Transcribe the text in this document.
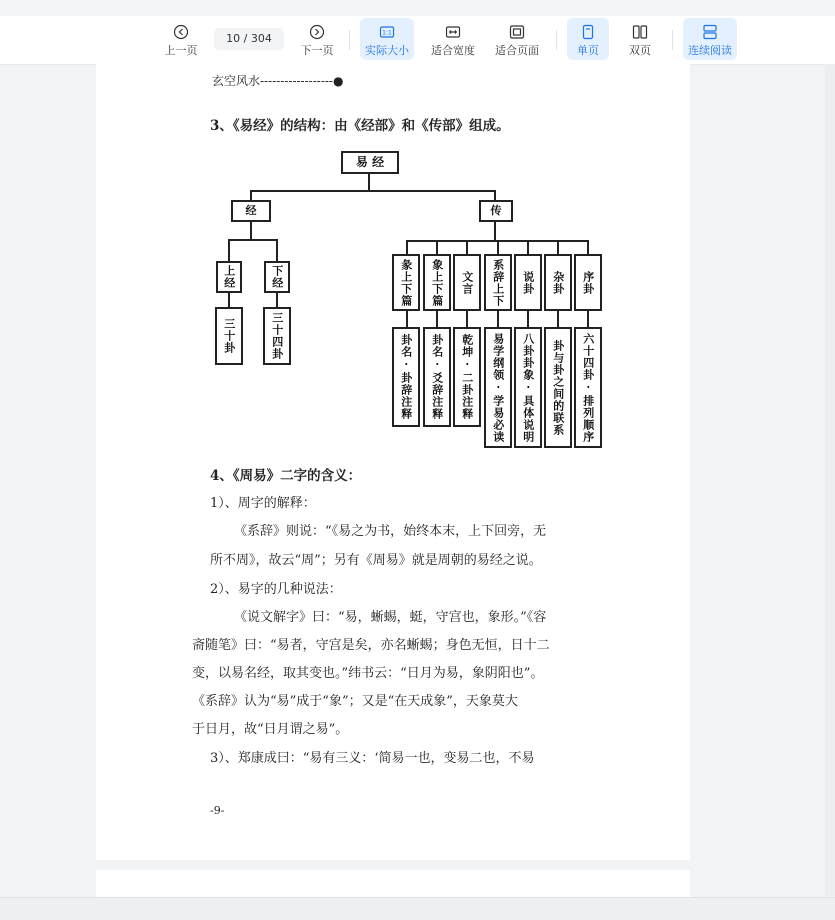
上一页
10 / 304
下一页
1:1
实际大小	适合宽度	适合页面	单页	双页	连续阅读
玄空风水------------------●
3、《易经》的结构：由《经部》和《传部》组成。
易 经
经	传
上经	下经
三十卦	三十四卦
彖上下篇	象上下篇	文言	系辞上下	说卦	杂卦	序卦
卦名·卦辞注释	卦名·爻辞注释	乾坤·二卦注释	易学纲领·学易必读	八卦卦象·具体说明	卦与卦之间的联系	六十四卦·排列顺序
4、《周易》二字的含义：
1）、周字的解释：
《系辞》则说：“《易之为书，始终本末，上下回旁，无
所不周》，故云“周”；另有《周易》就是周朝的易经之说。
2）、易字的几种说法：
《说文解字》曰：“易，蜥蜴，蜓，守宫也，象形。”《容
斋随笔》曰：“易者，守宫是矣，亦名蜥蜴；身色无恒，日十二
变，以易名经，取其变也。”纬书云：“日月为易，象阴阳也”。
《系辞》认为“易”成于“象”；又是“在天成象”，天象莫大
于日月，故“日月谓之易”。
3）、郑康成曰：“易有三义：‘简易一也，变易二也，不易
-9-
